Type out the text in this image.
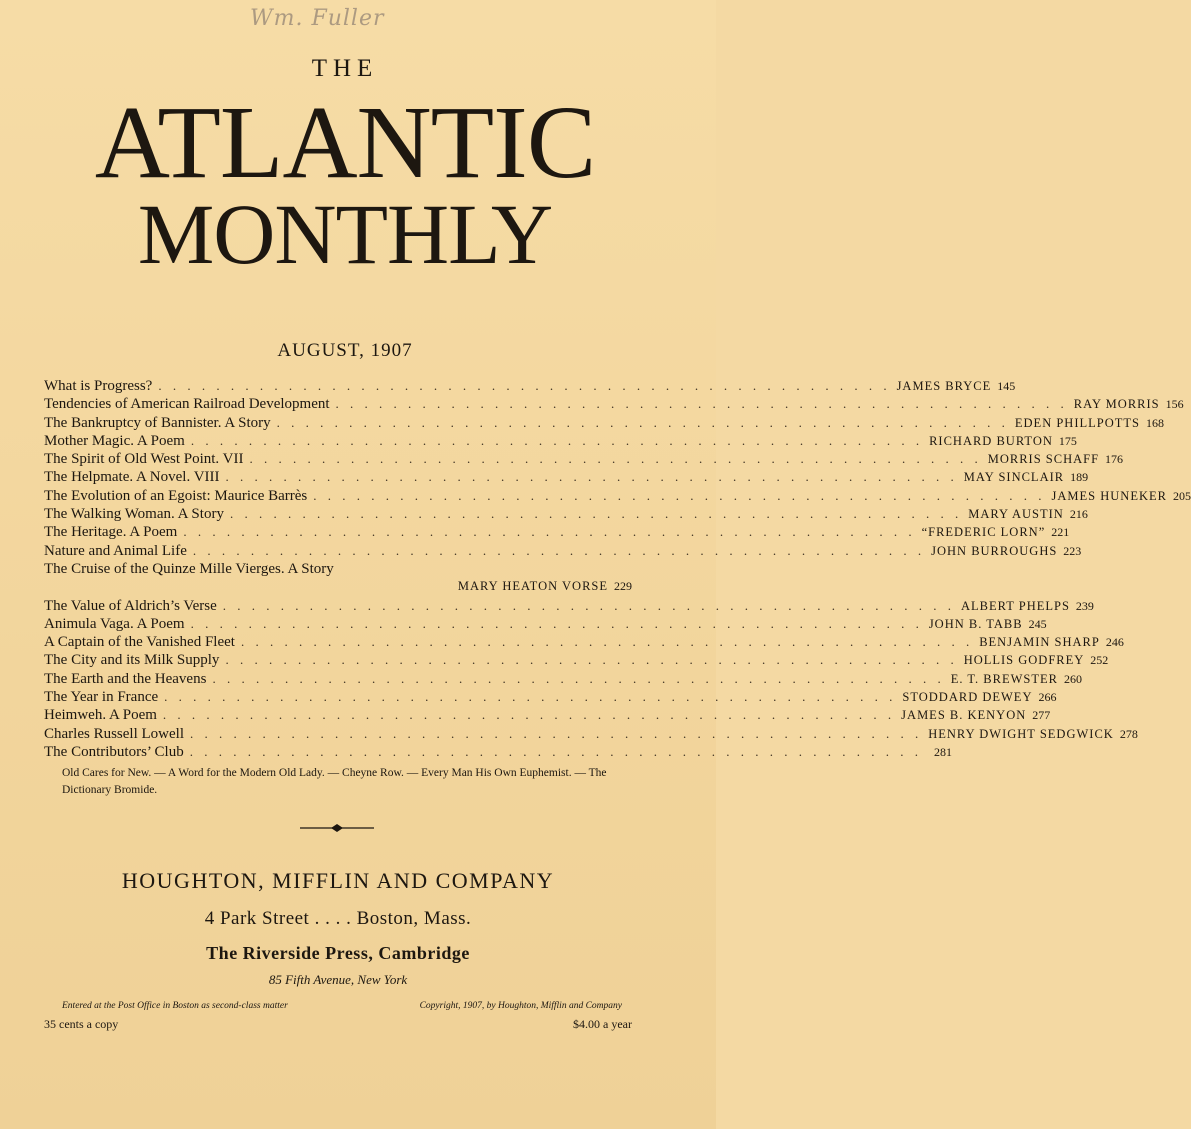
Wm. Fuller
THE
ATLANTIC
MONTHLY
AUGUST, 1907
What is Progress? . . . . . . . . . . . . . . . . . . . . . . . . . . . . . . . . . . . . . . . . . . . . . . . . . . . JAMES BRYCE 145
Tendencies of American Railroad Development . . . . . . . . . . . . . . . . . . . . . . . . . . . . . . . . . . . . . . . . . . . . . . . . . . . RAY MORRIS 156
The Bankruptcy of Bannister. A Story . . . . . . . . . . . . . . . . . . . . . . . . . . . . . . . . . . . . . . . . . . . . . . . . . . . EDEN PHILLPOTTS 168
Mother Magic. A Poem . . . . . . . . . . . . . . . . . . . . . . . . . . . . . . . . . . . . . . . . . . . . . . . . . . . RICHARD BURTON 175
The Spirit of Old West Point. VII . . . . . . . . . . . . . . . . . . . . . . . . . . . . . . . . . . . . . . . . . . . . . . . . . . . MORRIS SCHAFF 176
The Helpmate. A Novel. VIII . . . . . . . . . . . . . . . . . . . . . . . . . . . . . . . . . . . . . . . . . . . . . . . . . . . MAY SINCLAIR 189
The Evolution of an Egoist: Maurice Barrès . . . . . . . . . . . . . . . . . . . . . . . . . . . . . . . . . . . . . . . . . . . . . . . . . . . JAMES HUNEKER 205
The Walking Woman. A Story . . . . . . . . . . . . . . . . . . . . . . . . . . . . . . . . . . . . . . . . . . . . . . . . . . . MARY AUSTIN 216
The Heritage. A Poem . . . . . . . . . . . . . . . . . . . . . . . . . . . . . . . . . . . . . . . . . . . . . . . . . . . “FREDERIC LORN” 221
Nature and Animal Life . . . . . . . . . . . . . . . . . . . . . . . . . . . . . . . . . . . . . . . . . . . . . . . . . . . JOHN BURROUGHS 223
The Cruise of the Quinze Mille Vierges. A Story
MARY HEATON VORSE 229
The Value of Aldrich’s Verse . . . . . . . . . . . . . . . . . . . . . . . . . . . . . . . . . . . . . . . . . . . . . . . . . . . ALBERT PHELPS 239
Animula Vaga. A Poem . . . . . . . . . . . . . . . . . . . . . . . . . . . . . . . . . . . . . . . . . . . . . . . . . . . JOHN B. TABB 245
A Captain of the Vanished Fleet . . . . . . . . . . . . . . . . . . . . . . . . . . . . . . . . . . . . . . . . . . . . . . . . . . . BENJAMIN SHARP 246
The City and its Milk Supply . . . . . . . . . . . . . . . . . . . . . . . . . . . . . . . . . . . . . . . . . . . . . . . . . . . HOLLIS GODFREY 252
The Earth and the Heavens . . . . . . . . . . . . . . . . . . . . . . . . . . . . . . . . . . . . . . . . . . . . . . . . . . . E. T. BREWSTER 260
The Year in France . . . . . . . . . . . . . . . . . . . . . . . . . . . . . . . . . . . . . . . . . . . . . . . . . . . STODDARD DEWEY 266
Heimweh. A Poem . . . . . . . . . . . . . . . . . . . . . . . . . . . . . . . . . . . . . . . . . . . . . . . . . . . JAMES B. KENYON 277
Charles Russell Lowell . . . . . . . . . . . . . . . . . . . . . . . . . . . . . . . . . . . . . . . . . . . . . . . . . . . HENRY DWIGHT SEDGWICK 278
The Contributors’ Club . . . . . . . . . . . . . . . . . . . . . . . . . . . . . . . . . . . . . . . . . . . . . . . . . . .	281
Old Cares for New. — A Word for the Modern Old Lady. — Cheyne Row. — Every Man His Own Euphemist. — The Dictionary Bromide.
HOUGHTON, MIFFLIN AND COMPANY
4 Park Street . . . . Boston, Mass.
The Riverside Press, Cambridge
85 Fifth Avenue, New York
Entered at the Post Office in Boston as second-class matter	Copyright, 1907, by Houghton, Mifflin and Company
35 cents a copy	$4.00 a year
